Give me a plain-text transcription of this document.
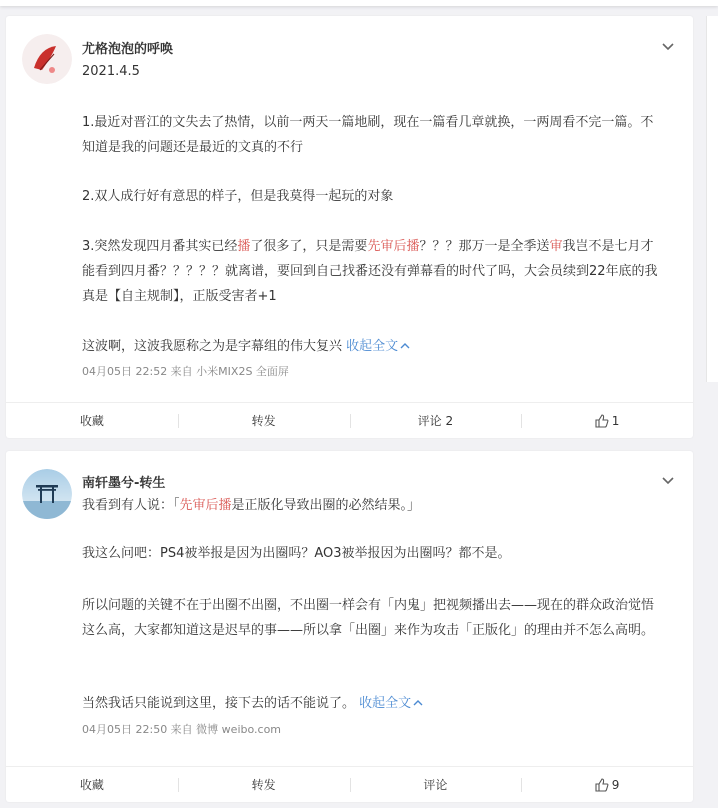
尤格泡泡的呼唤
2021.4.5
1.最近对晋江的文失去了热情，以前一两天一篇地刷，现在一篇看几章就换，一两周看不完一篇。不知道是我的问题还是最近的文真的不行
2.双人成行好有意思的样子，但是我莫得一起玩的对象
3.突然发现四月番其实已经播了很多了，只是需要先审后播？？？那万一是全季送审我岂不是七月才能看到四月番？？？？？就离谱，要回到自己找番还没有弹幕看的时代了吗，大会员续到22年底的我真是【自主规制】，正版受害者+1
这波啊，这波我愿称之为是字幕组的伟大复兴 收起全文
04月05日 22:52 来自 小米MIX2S 全面屏
收藏	转发	评论 2	1
南轩墨兮-转生
我看到有人说：「先审后播是正版化导致出圈的必然结果。」
我这么问吧：PS4被举报是因为出圈吗？AO3被举报因为出圈吗？都不是。
所以问题的关键不在于出圈不出圈，不出圈一样会有「内鬼」把视频播出去——现在的群众政治觉悟这么高，大家都知道这是迟早的事——所以拿「出圈」来作为攻击「正版化」的理由并不怎么高明。
当然我话只能说到这里，接下去的话不能说了。 收起全文
04月05日 22:50 来自 微博 weibo.com
收藏	转发	评论	9
